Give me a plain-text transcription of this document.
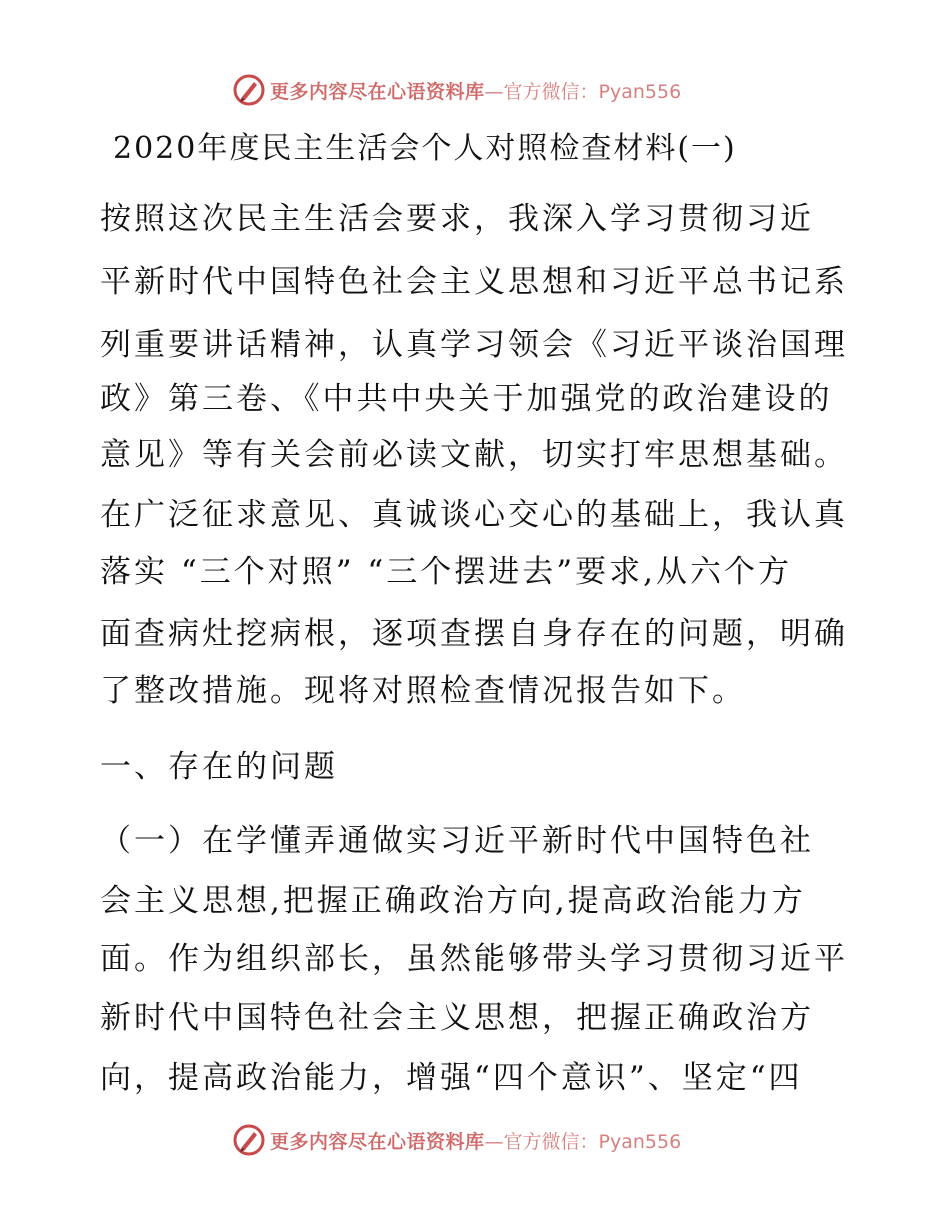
更多内容尽在心语资料库 —官方微信：Pyan556
2020年度民主生活会个人对照检查材料(一)
按照这次民主生活会要求，我深入学习贯彻习近
平新时代中国特色社会主义思想和习近平总书记系
列重要讲话精神，认真学习领会《习近平谈治国理
政》第三卷、《中共中央关于加强党的政治建设的
意见》等有关会前必读文献，切实打牢思想基础。
在广泛征求意见、真诚谈心交心的基础上，我认真
落实 “三个对照” “三个摆进去”要求,从六个方
面查病灶挖病根，逐项查摆自身存在的问题，明确
了整改措施。现将对照检查情况报告如下。
一、存在的问题
（一）在学懂弄通做实习近平新时代中国特色社
会主义思想,把握正确政治方向,提高政治能力方
面。作为组织部长，虽然能够带头学习贯彻习近平
新时代中国特色社会主义思想，把握正确政治方
向，提高政治能力，增强“四个意识”、坚定“四
更多内容尽在心语资料库 —官方微信：Pyan556
